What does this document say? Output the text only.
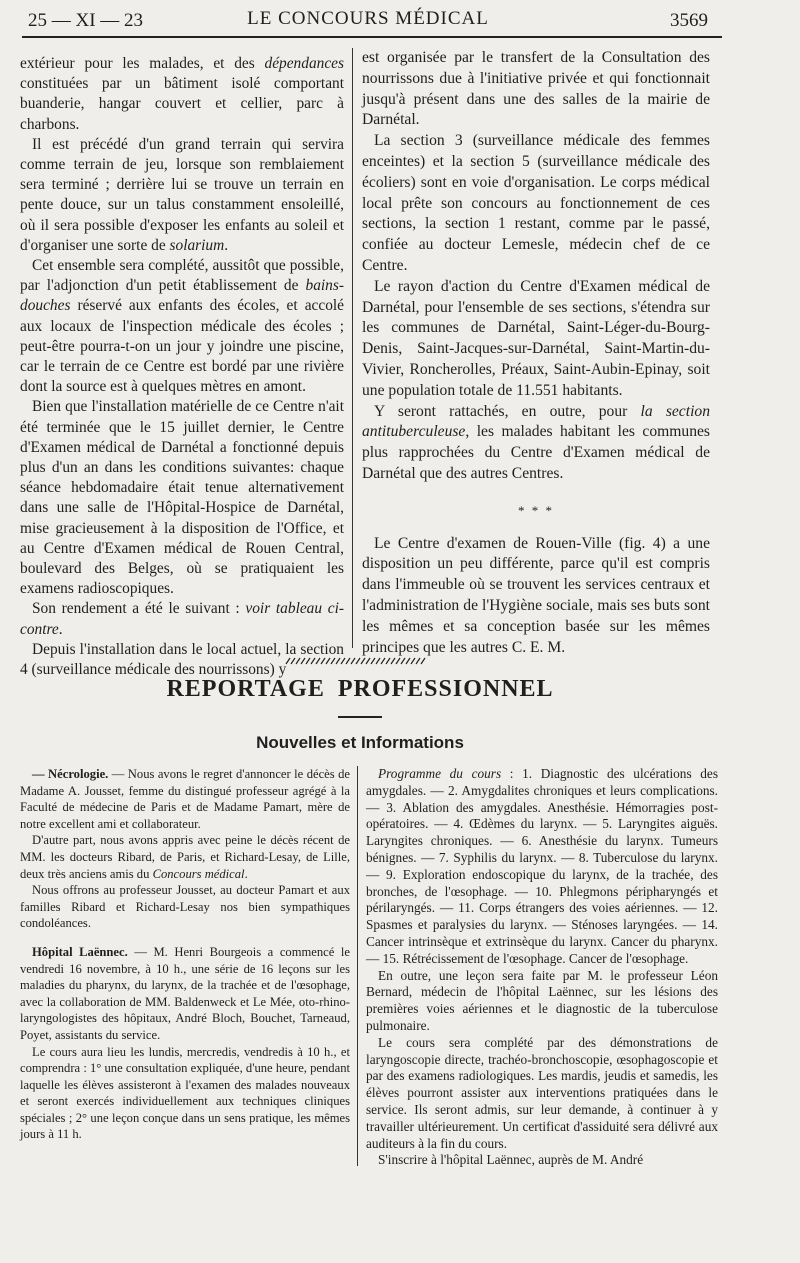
25 — XI — 23	LE CONCOURS MÉDICAL	3569

extérieur pour les malades, et des dépendances constituées par un bâtiment isolé comportant buanderie, hangar couvert et cellier, parc à charbons.

Il est précédé d'un grand terrain qui servira comme terrain de jeu, lorsque son remblaiement sera terminé ; derrière lui se trouve un terrain en pente douce, sur un talus constamment ensoleillé, où il sera possible d'exposer les enfants au soleil et d'organiser une sorte de solarium.

Cet ensemble sera complété, aussitôt que possible, par l'adjonction d'un petit établissement de bains-douches réservé aux enfants des écoles, et accolé aux locaux de l'inspection médicale des écoles ; peut-être pourra-t-on un jour y joindre une piscine, car le terrain de ce Centre est bordé par une rivière dont la source est à quelques mètres en amont.

Bien que l'installation matérielle de ce Centre n'ait été terminée que le 15 juillet dernier, le Centre d'Examen médical de Darnétal a fonctionné depuis plus d'un an dans les conditions suivantes: chaque séance hebdomadaire était tenue alternativement dans une salle de l'Hôpital-Hospice de Darnétal, mise gracieusement à la disposition de l'Office, et au Centre d'Examen médical de Rouen Central, boulevard des Belges, où se pratiquaient les examens radioscopiques.

Son rendement a été le suivant : voir tableau ci-contre.

Depuis l'installation dans le local actuel, la section 4 (surveillance médicale des nourrissons) y

est organisée par le transfert de la Consultation des nourrissons due à l'initiative privée et qui fonctionnait jusqu'à présent dans une des salles de la mairie de Darnétal.

La section 3 (surveillance médicale des femmes enceintes) et la section 5 (surveillance médicale des écoliers) sont en voie d'organisation. Le corps médical local prête son concours au fonctionnement de ces sections, la section 1 restant, comme par le passé, confiée au docteur Lemesle, médecin chef de ce Centre.

Le rayon d'action du Centre d'Examen médical de Darnétal, pour l'ensemble de ses sections, s'étendra sur les communes de Darnétal, Saint-Léger-du-Bourg-Denis, Saint-Jacques-sur-Darnétal, Saint-Martin-du-Vivier, Roncherolles, Préaux, Saint-Aubin-Epinay, soit une population totale de 11.551 habitants.

Y seront rattachés, en outre, pour la section antituberculeuse, les malades habitant les communes plus rapprochées du Centre d'Examen médical de Darnétal que des autres Centres.

* * *

Le Centre d'examen de Rouen-Ville (fig. 4) a une disposition un peu différente, parce qu'il est compris dans l'immeuble où se trouvent les services centraux et l'administration de l'Hygiène sociale, mais ses buts sont les mêmes et sa conception basée sur les mêmes principes que les autres C. E. M.

REPORTAGE PROFESSIONNEL
Nouvelles et Informations

— Nécrologie. — Nous avons le regret d'annoncer le décès de Madame A. Jousset, femme du distingué professeur agrégé à la Faculté de médecine de Paris et de Madame Pamart, mère de notre excellent ami et collaborateur.

D'autre part, nous avons appris avec peine le décès récent de MM. les docteurs Ribard, de Paris, et Richard-Lesay, de Lille, deux très anciens amis du Concours médical.

Nous offrons au professeur Jousset, au docteur Pamart et aux familles Ribard et Richard-Lesay nos bien sympathiques condoléances.

Hôpital Laënnec. — M. Henri Bourgeois a commencé le vendredi 16 novembre, à 10 h., une série de 16 leçons sur les maladies du pharynx, du larynx, de la trachée et de l'œsophage, avec la collaboration de MM. Baldenweck et Le Mée, oto-rhino-laryngologistes des hôpitaux, André Bloch, Bouchet, Tarneaud, Poyet, assistants du service.

Le cours aura lieu les lundis, mercredis, vendredis à 10 h., et comprendra : 1° une consultation expliquée, d'une heure, pendant laquelle les élèves assisteront à l'examen des malades nouveaux et seront exercés individuellement aux techniques cliniques spéciales ; 2° une leçon conçue dans un sens pratique, les mêmes jours à 11 h.

Programme du cours : 1. Diagnostic des ulcérations des amygdales. — 2. Amygdalites chroniques et leurs complications. — 3. Ablation des amygdales. Anesthésie. Hémorragies post-opératoires. — 4. Œdèmes du larynx. — 5. Laryngites aiguës. Laryngites chroniques. — 6. Anesthésie du larynx. Tumeurs bénignes. — 7. Syphilis du larynx. — 8. Tuberculose du larynx. — 9. Exploration endoscopique du larynx, de la trachée, des bronches, de l'œsophage. — 10. Phlegmons péripharyngés et périlaryngés. — 11. Corps étrangers des voies aériennes. — 12. Spasmes et paralysies du larynx. — Sténoses laryngées. — 14. Cancer intrinsèque et extrinsèque du larynx. Cancer du pharynx. — 15. Rétrécissement de l'œsophage. Cancer de l'œsophage.

En outre, une leçon sera faite par M. le professeur Léon Bernard, médecin de l'hôpital Laënnec, sur les lésions des premières voies aériennes et le diagnostic de la tuberculose pulmonaire.

Le cours sera complété par des démonstrations de laryngoscopie directe, trachéo-bronchoscopie, œsophagoscopie et par des examens radiologiques. Les mardis, jeudis et samedis, les élèves pourront assister aux interventions pratiquées dans le service. Ils seront admis, sur leur demande, à continuer à y travailler ultérieurement. Un certificat d'assiduité sera délivré aux auditeurs à la fin du cours.

S'inscrire à l'hôpital Laënnec, auprès de M. André
